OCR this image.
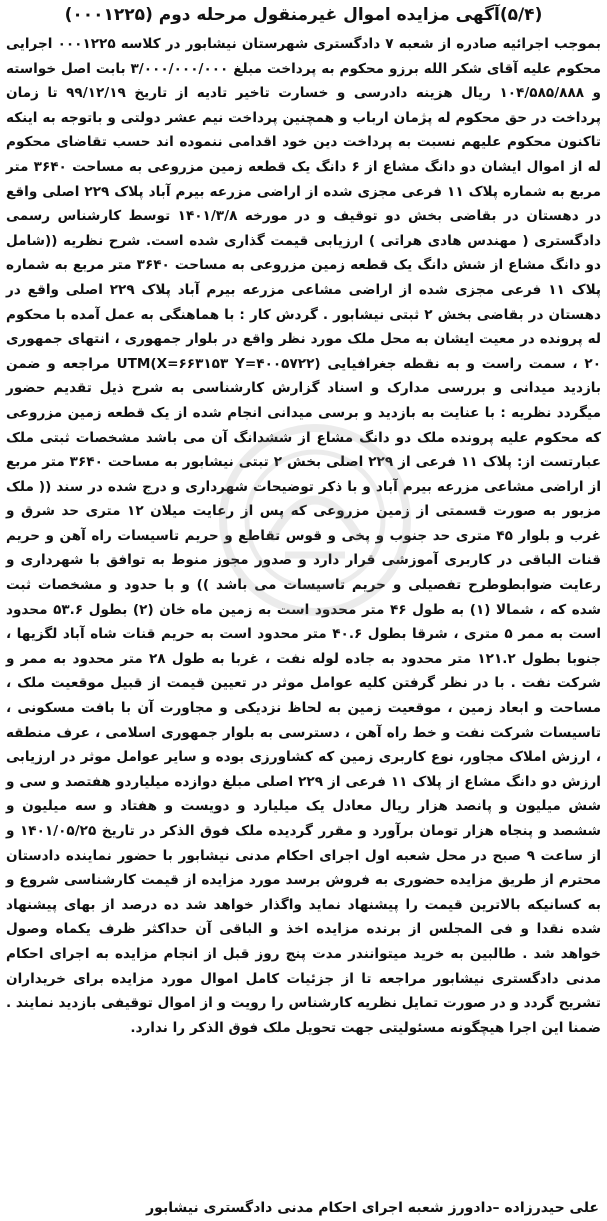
(۵/۴)آگهی مزایده اموال غیرمنقول مرحله دوم (۰۰۰۱۲۲۵)

بموجب اجرائیه صادره از شعبه ۷ دادگستری شهرستان نیشابور در کلاسه ۰۰۰۱۲۲۵ اجرایی محکوم علیه آقای شکر الله برزو محکوم به پرداخت مبلغ ۳/۰۰۰/۰۰۰/۰۰۰ بابت اصل خواسته و ۱۰۴/۵۸۵/۸۸۸ ریال هزینه دادرسی و خسارت تاخیر تادیه از تاریخ ۹۹/۱۲/۱۹ تا زمان پرداخت در حق محکوم له پژمان ارباب و همچنین پرداخت نیم عشر دولتی و باتوجه به اینکه تاکنون محکوم علیهم نسبت به پرداخت دین خود اقدامی ننموده اند حسب تقاضای محکوم له از اموال ایشان دو دانگ مشاع از ۶ دانگ یک قطعه زمین مزروعی به مساحت ۳۶۴۰ متر مربع به شماره پلاک ۱۱ فرعی مجزی شده از اراضی مزرعه بیرم آباد پلاک ۲۲۹ اصلی واقع در دهستان در بقاضی بخش دو توقیف و در مورخه ۱۴۰۱/۳/۸ توسط کارشناس رسمی دادگستری ( مهندس هادی هراتی ) ارزیابی قیمت گذاری شده است. شرح نظریه ((شامل دو دانگ مشاع از شش دانگ یک قطعه زمین مزروعی به مساحت ۳۶۴۰ متر مربع به شماره پلاک ۱۱ فرعی مجزی شده از اراضی مشاعی مزرعه بیرم آباد پلاک ۲۲۹ اصلی واقع در دهستان در بقاضی بخش ۲ ثبتی نیشابور . گردش کار : با هماهنگی به عمل آمده با محکوم له پرونده در معیت ایشان به محل ملک مورد نظر واقع در بلوار جمهوری ، انتهای جمهوری ۲۰ ، سمت راست و به نقطه جغرافیایی UTM(X=۶۶۳۱۵۳ Y=۴۰۰۵۷۲۲) مراجعه و ضمن بازدید میدانی و بررسی مدارک و اسناد گزارش کارشناسی به شرح ذیل تقدیم حضور میگردد نظریه : با عنایت به بازدید و برسی میدانی انجام شده از یک قطعه زمین مزروعی که محکوم علیه پرونده ملک دو دانگ مشاع از ششدانگ آن می باشد مشخصات ثبتی ملک عبارتست از: پلاک ۱۱ فرعی از ۲۲۹ اصلی بخش ۲ تبتی نیشابور به مساحت ۳۶۴۰ متر مربع از اراضی مشاعی مزرعه بیرم آباد و با ذکر توضیحات شهرداری و درج شده در سند (( ملک مزبور به صورت قسمتی از زمین مزروعی که پس از رعایت میلان ۱۲ متری حد شرق و غرب و بلوار ۴۵ متری حد جنوب و پخی و قوس تقاطع و حریم تاسیسات راه آهن و حریم قنات الباقی در کاربری آموزشی قرار دارد و صدور مجوز منوط به توافق با شهرداری و رعایت ضوابطوطرح تفصیلی و حریم تاسیسات می باشد )) و با حدود و مشخصات ثبت شده که ، شمالا (۱) به طول ۴۶ متر محدود است به زمین ماه خان (۲) بطول ۵۳.۶ محدود است به ممر ۵ متری ، شرقا بطول ۴۰.۶ متر محدود است به حریم قنات شاه آباد لگزیها ، جنوبا بطول ۱۲۱.۲ متر محدود به جاده لوله نفت ، غربا به طول ۲۸ متر محدود به ممر و شرکت نفت . با در نظر گرفتن کلیه عوامل موثر در تعیین قیمت از قبیل موقعیت ملک ، مساحت و ابعاد زمین ، موقعیت زمین به لحاظ نزدیکی و مجاورت آن با بافت مسکونی ، تاسیسات شرکت نفت و خط راه آهن ، دسترسی به بلوار جمهوری اسلامی ، عرف منطقه ، ارزش املاک مجاور، نوع کاربری زمین که کشاورزی بوده و سایر عوامل موثر در ارزیابی ارزش دو دانگ مشاع از پلاک ۱۱ فرعی از ۲۲۹ اصلی مبلغ دوازده میلیاردو هفتصد و سی و شش میلیون و پانصد هزار ریال معادل یک میلیارد و دویست و هفتاد و سه میلیون و ششصد و پنجاه هزار تومان برآورد و مقرر گردیده ملک فوق الذکر در تاریخ ۱۴۰۱/۰۵/۲۵ و از ساعت ۹ صبح در محل شعبه اول اجرای احکام مدنی نیشابور با حضور نماینده دادستان محترم از طریق مزایده حضوری به فروش برسد مورد مزایده از قیمت کارشناسی شروع و به کسانیکه بالاترین قیمت را پیشنهاد نماید واگذار خواهد شد ده درصد از بهای پیشنهاد شده نقدا و فی المجلس از برنده مزایده اخذ و الباقی آن حداکثر ظرف یکماه وصول خواهد شد . طالبین به خرید میتوانندر مدت پنج روز قبل از انجام مزایده به اجرای احکام مدنی دادگستری نیشابور مراجعه تا از جزئیات کامل اموال مورد مزایده برای خریداران تشریح گردد و در صورت تمایل نظریه کارشناس را رویت و از اموال توقیفی بازدید نمایند . ضمنا این اجرا هیچگونه مسئولیتی جهت تحویل ملک فوق الذکر را ندارد.

علی حیدرزاده –دادورز شعبه اجرای احکام مدنی دادگستری نیشابور
